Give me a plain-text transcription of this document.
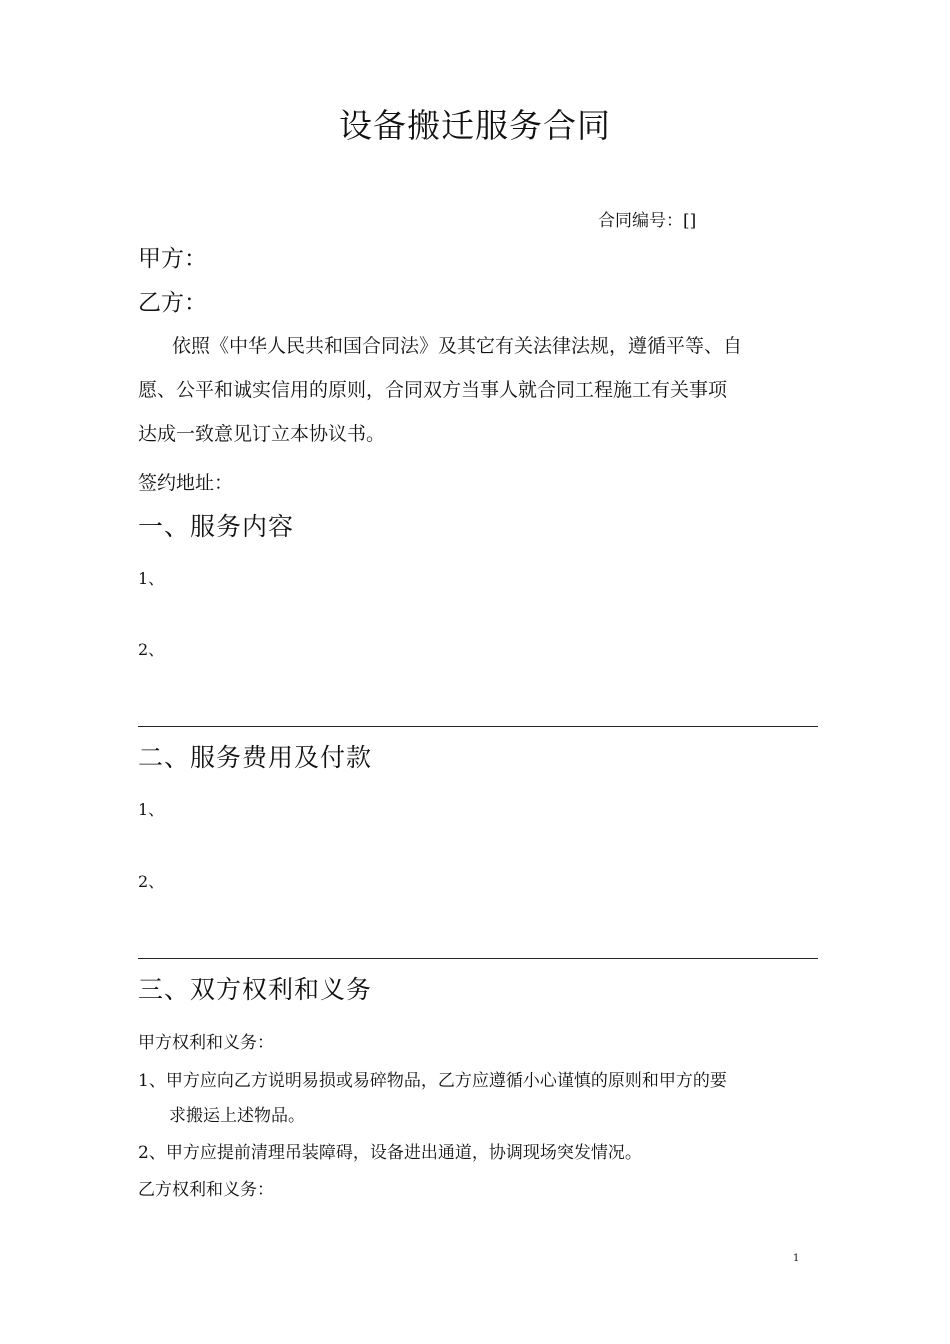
设备搬迁服务合同
合同编号：[]
甲方：
乙方：

依照《中华人民共和国合同法》及其它有关法律法规，遵循平等、自

愿、公平和诚实信用的原则，合同双方当事人就合同工程施工有关事项

达成一致意见订立本协议书。

签约地址：
一、服务内容
1、
2、
二、服务费用及付款
1、
2、
三、双方权利和义务
甲方权利和义务：
1、甲方应向乙方说明易损或易碎物品，乙方应遵循小心谨慎的原则和甲方的要
求搬运上述物品。
2、甲方应提前清理吊装障碍，设备进出通道，协调现场突发情况。
乙方权利和义务：
1
